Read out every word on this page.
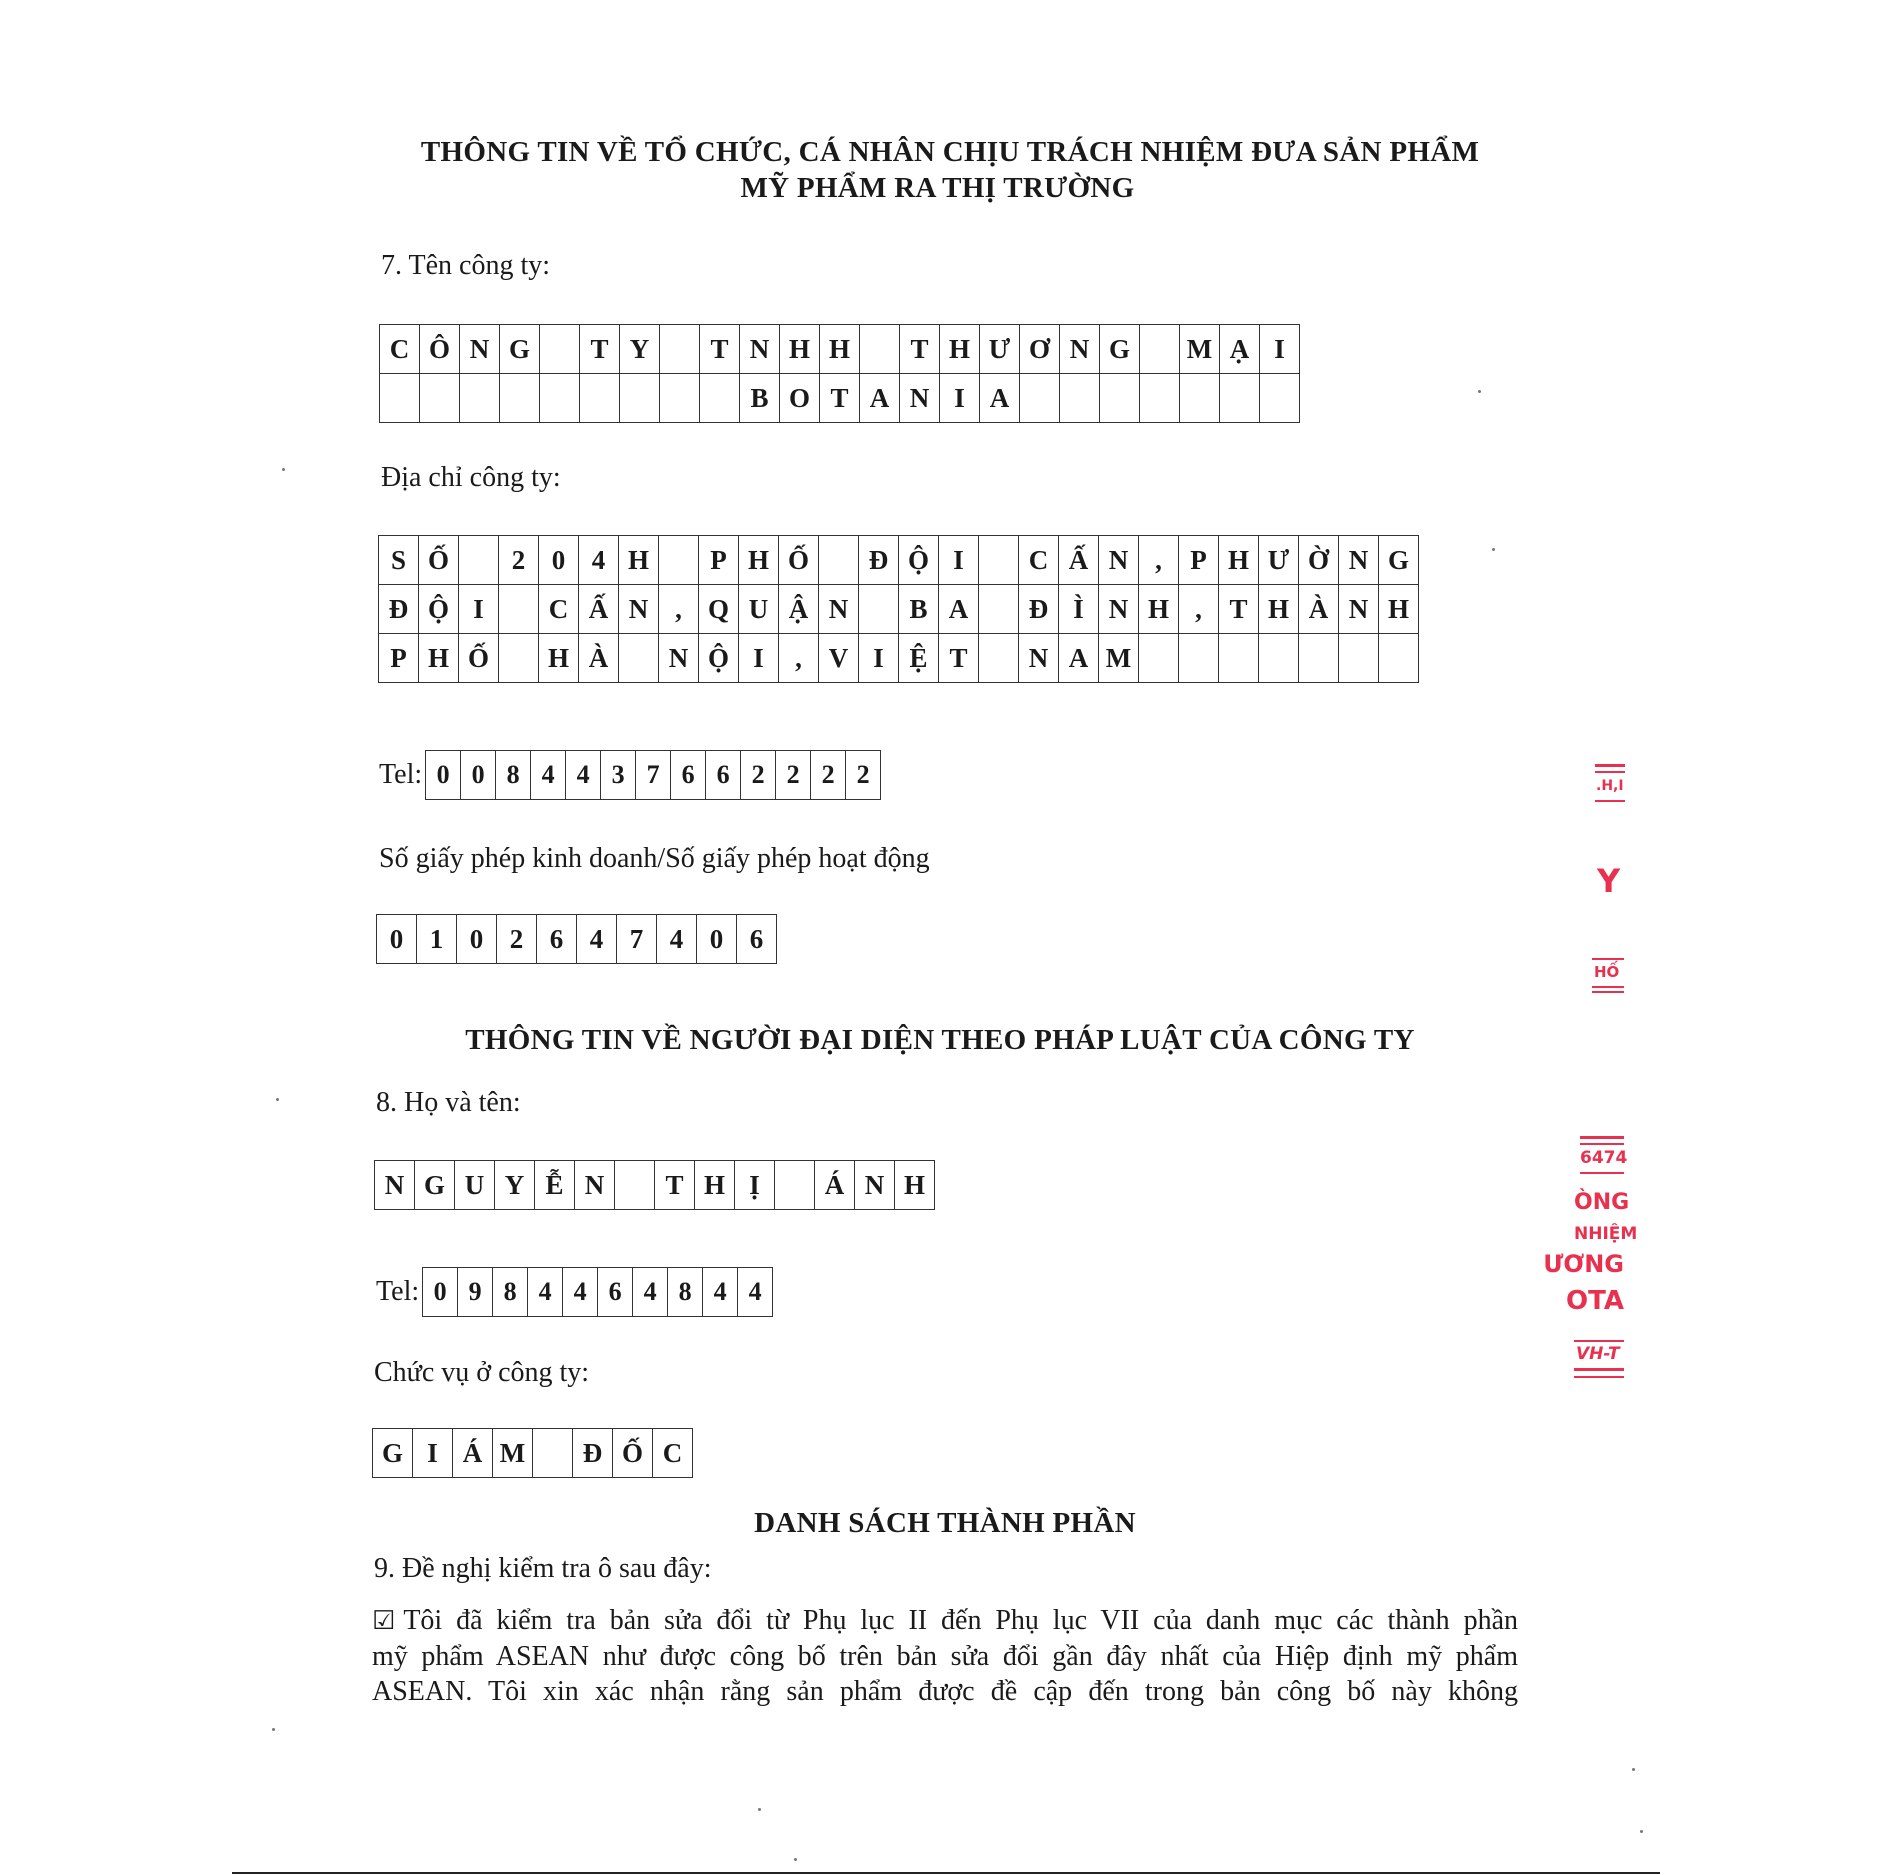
THÔNG TIN VỀ TỔ CHỨC, CÁ NHÂN CHỊU TRÁCH NHIỆM ĐƯA SẢN PHẨM
MỸ PHẨM RA THỊ TRƯỜNG
7. Tên công ty:
C	Ô	N	G		T	Y		T	N	H	H		T	H	Ư	Ơ	N	G		M	Ạ	I
									B	O	T	A	N	I	A							
Địa chỉ công ty:
S	Ố		2	0	4	H		P	H	Ố		Đ	Ộ	I		C	Ấ	N	,	P	H	Ư	Ờ	N	G
Đ	Ộ	I		C	Ấ	N	,	Q	U	Ậ	N		B	A		Đ	Ì	N	H	,	T	H	À	N	H
P	H	Ố		H	À		N	Ộ	I	,	V	I	Ệ	T		N	A	M							
Tel: 0	0	8	4	4	3	7	6	6	2	2	2	2
Số giấy phép kinh doanh/Số giấy phép hoạt động
0	1	0	2	6	4	7	4	0	6
THÔNG TIN VỀ NGƯỜI ĐẠI DIỆN THEO PHÁP LUẬT CỦA CÔNG TY
8. Họ và tên:
N	G	U	Y	Ễ	N		T	H	Ị		Á	N	H
Tel: 0	9	8	4	4	6	4	8	4	4
Chức vụ ở công ty:
G	I	Á	M		Đ	Ố	C
DANH SÁCH THÀNH PHẦN
9. Đề nghị kiểm tra ô sau đây:
☑ Tôi đã kiểm tra bản sửa đổi từ Phụ lục II đến Phụ lục VII của danh mục các thành phần
mỹ phẩm ASEAN như được công bố trên bản sửa đổi gần đây nhất của Hiệp định mỹ phẩm
ASEAN. Tôi xin xác nhận rằng sản phẩm được đề cập đến trong bản công bố này không
.H,I
Y
HỐ
6474
ÒNG
NHIỆM
ƯƠNG
OTA
VH-T
